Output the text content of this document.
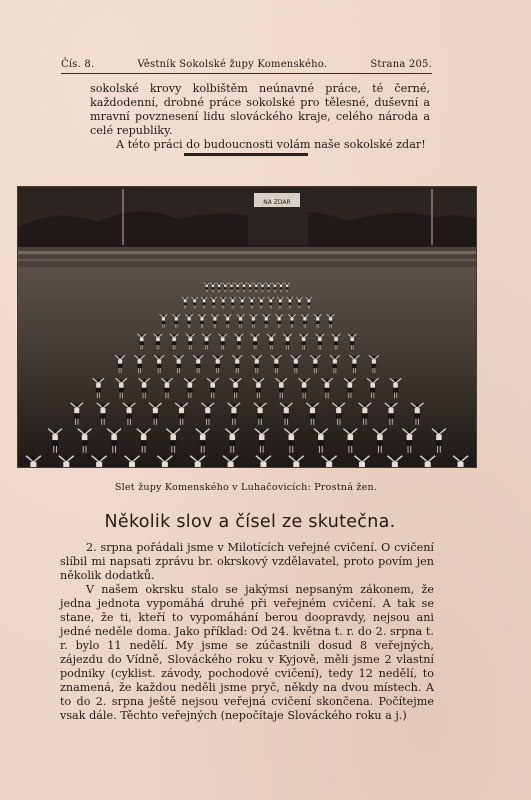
Čís. 8.	Věstník Sokolské župy Komenského.	Strana 205.

sokolské krovy kolbištěm neúnavné práce, té černé, každodenní, drobné práce sokolské pro tělesné, duševní a mravní povznesení lidu slováckého kraje, celého národa a celé republiky.

A této práci do budoucnosti volám naše sokolské zdar!

NA ZDAR
Slet župy Komenského v Luhačovicích: Prostná žen.
Několik slov a čísel ze skutečna.

2. srpna pořádali jsme v Milotících veřejné cvičení. O cvičení slíbil mi napsati zprávu br. okrskový vzdělavatel, proto povím jen několik dodatků.

V našem okrsku stalo se jakýmsi nepsaným zákonem, že jedna jednota vypomáhá druhé při veřejném cvičení. A tak se stane, že ti, kteří to vypomáhání berou doopravdy, nejsou ani jedné neděle doma. Jako příklad: Od 24. května t. r. do 2. srpna t. r. bylo 11 nedělí. My jsme se zúčastnili dosud 8 veřejných, zájezdu do Vídně, Slováckého roku v Kyjově, měli jsme 2 vlastní podniky (cyklist. závody, pochodové cvičení), tedy 12 nedělí, to znamená, že každou neděli jsme pryč, někdy na dvou místech. A to do 2. srpna ještě nejsou veřejná cvičení skončena. Počítejme vsak dále. Těchto veřejných (nepočítaje Slováckého roku a j.)
